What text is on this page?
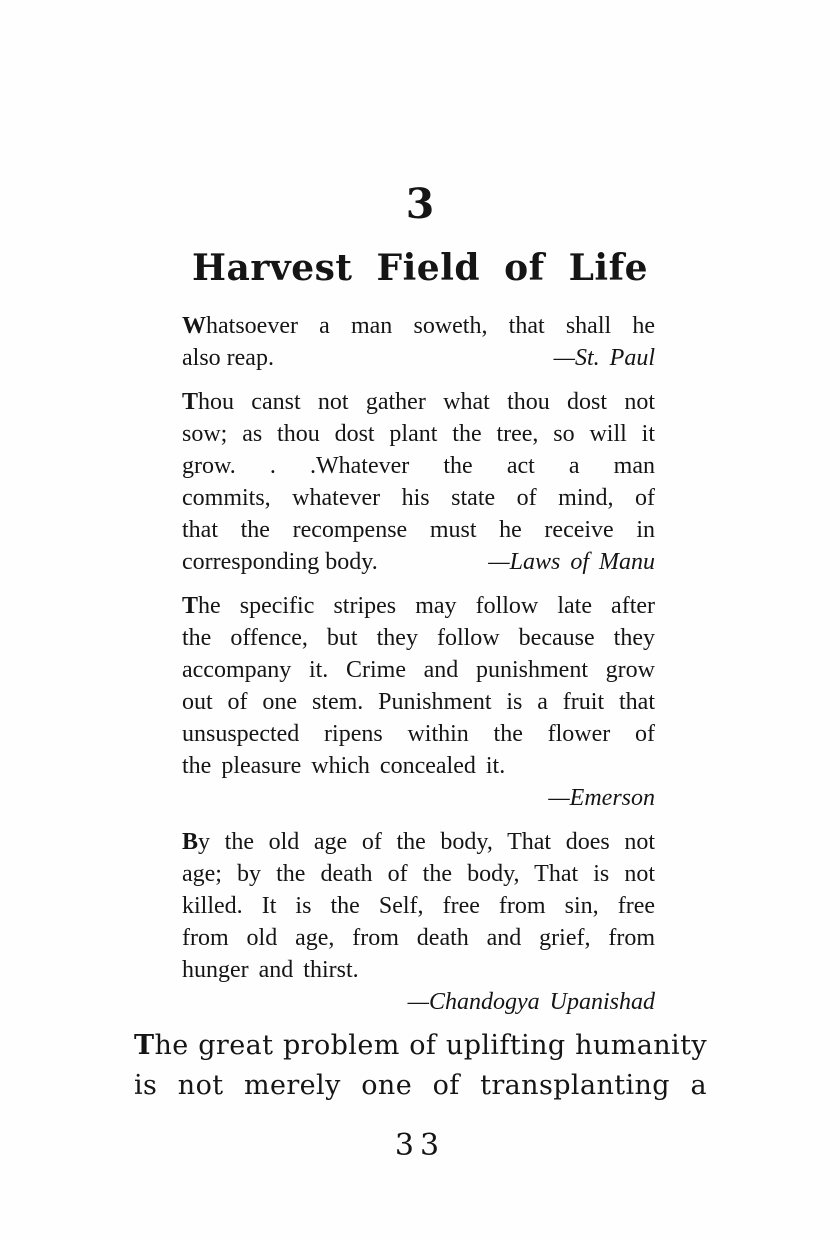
3
Harvest Field of Life
Whatsoever a man soweth, that shall he
also reap.	—St. Paul
Thou canst not gather what thou dost not
sow; as thou dost plant the tree, so will it
grow. . .Whatever the act a man
commits, whatever his state of mind, of
that the recompense must he receive in
corresponding body.	—Laws of Manu
The specific stripes may follow late after
the offence, but they follow because they
accompany it. Crime and punishment grow
out of one stem. Punishment is a fruit that
unsuspected ripens within the flower of
the pleasure which concealed it.
—Emerson
By the old age of the body, That does not
age; by the death of the body, That is not
killed. It is the Self, free from sin, free
from old age, from death and grief, from
hunger and thirst.
—Chandogya Upanishad
The great problem of uplifting humanity
is not merely one of transplanting a
33
